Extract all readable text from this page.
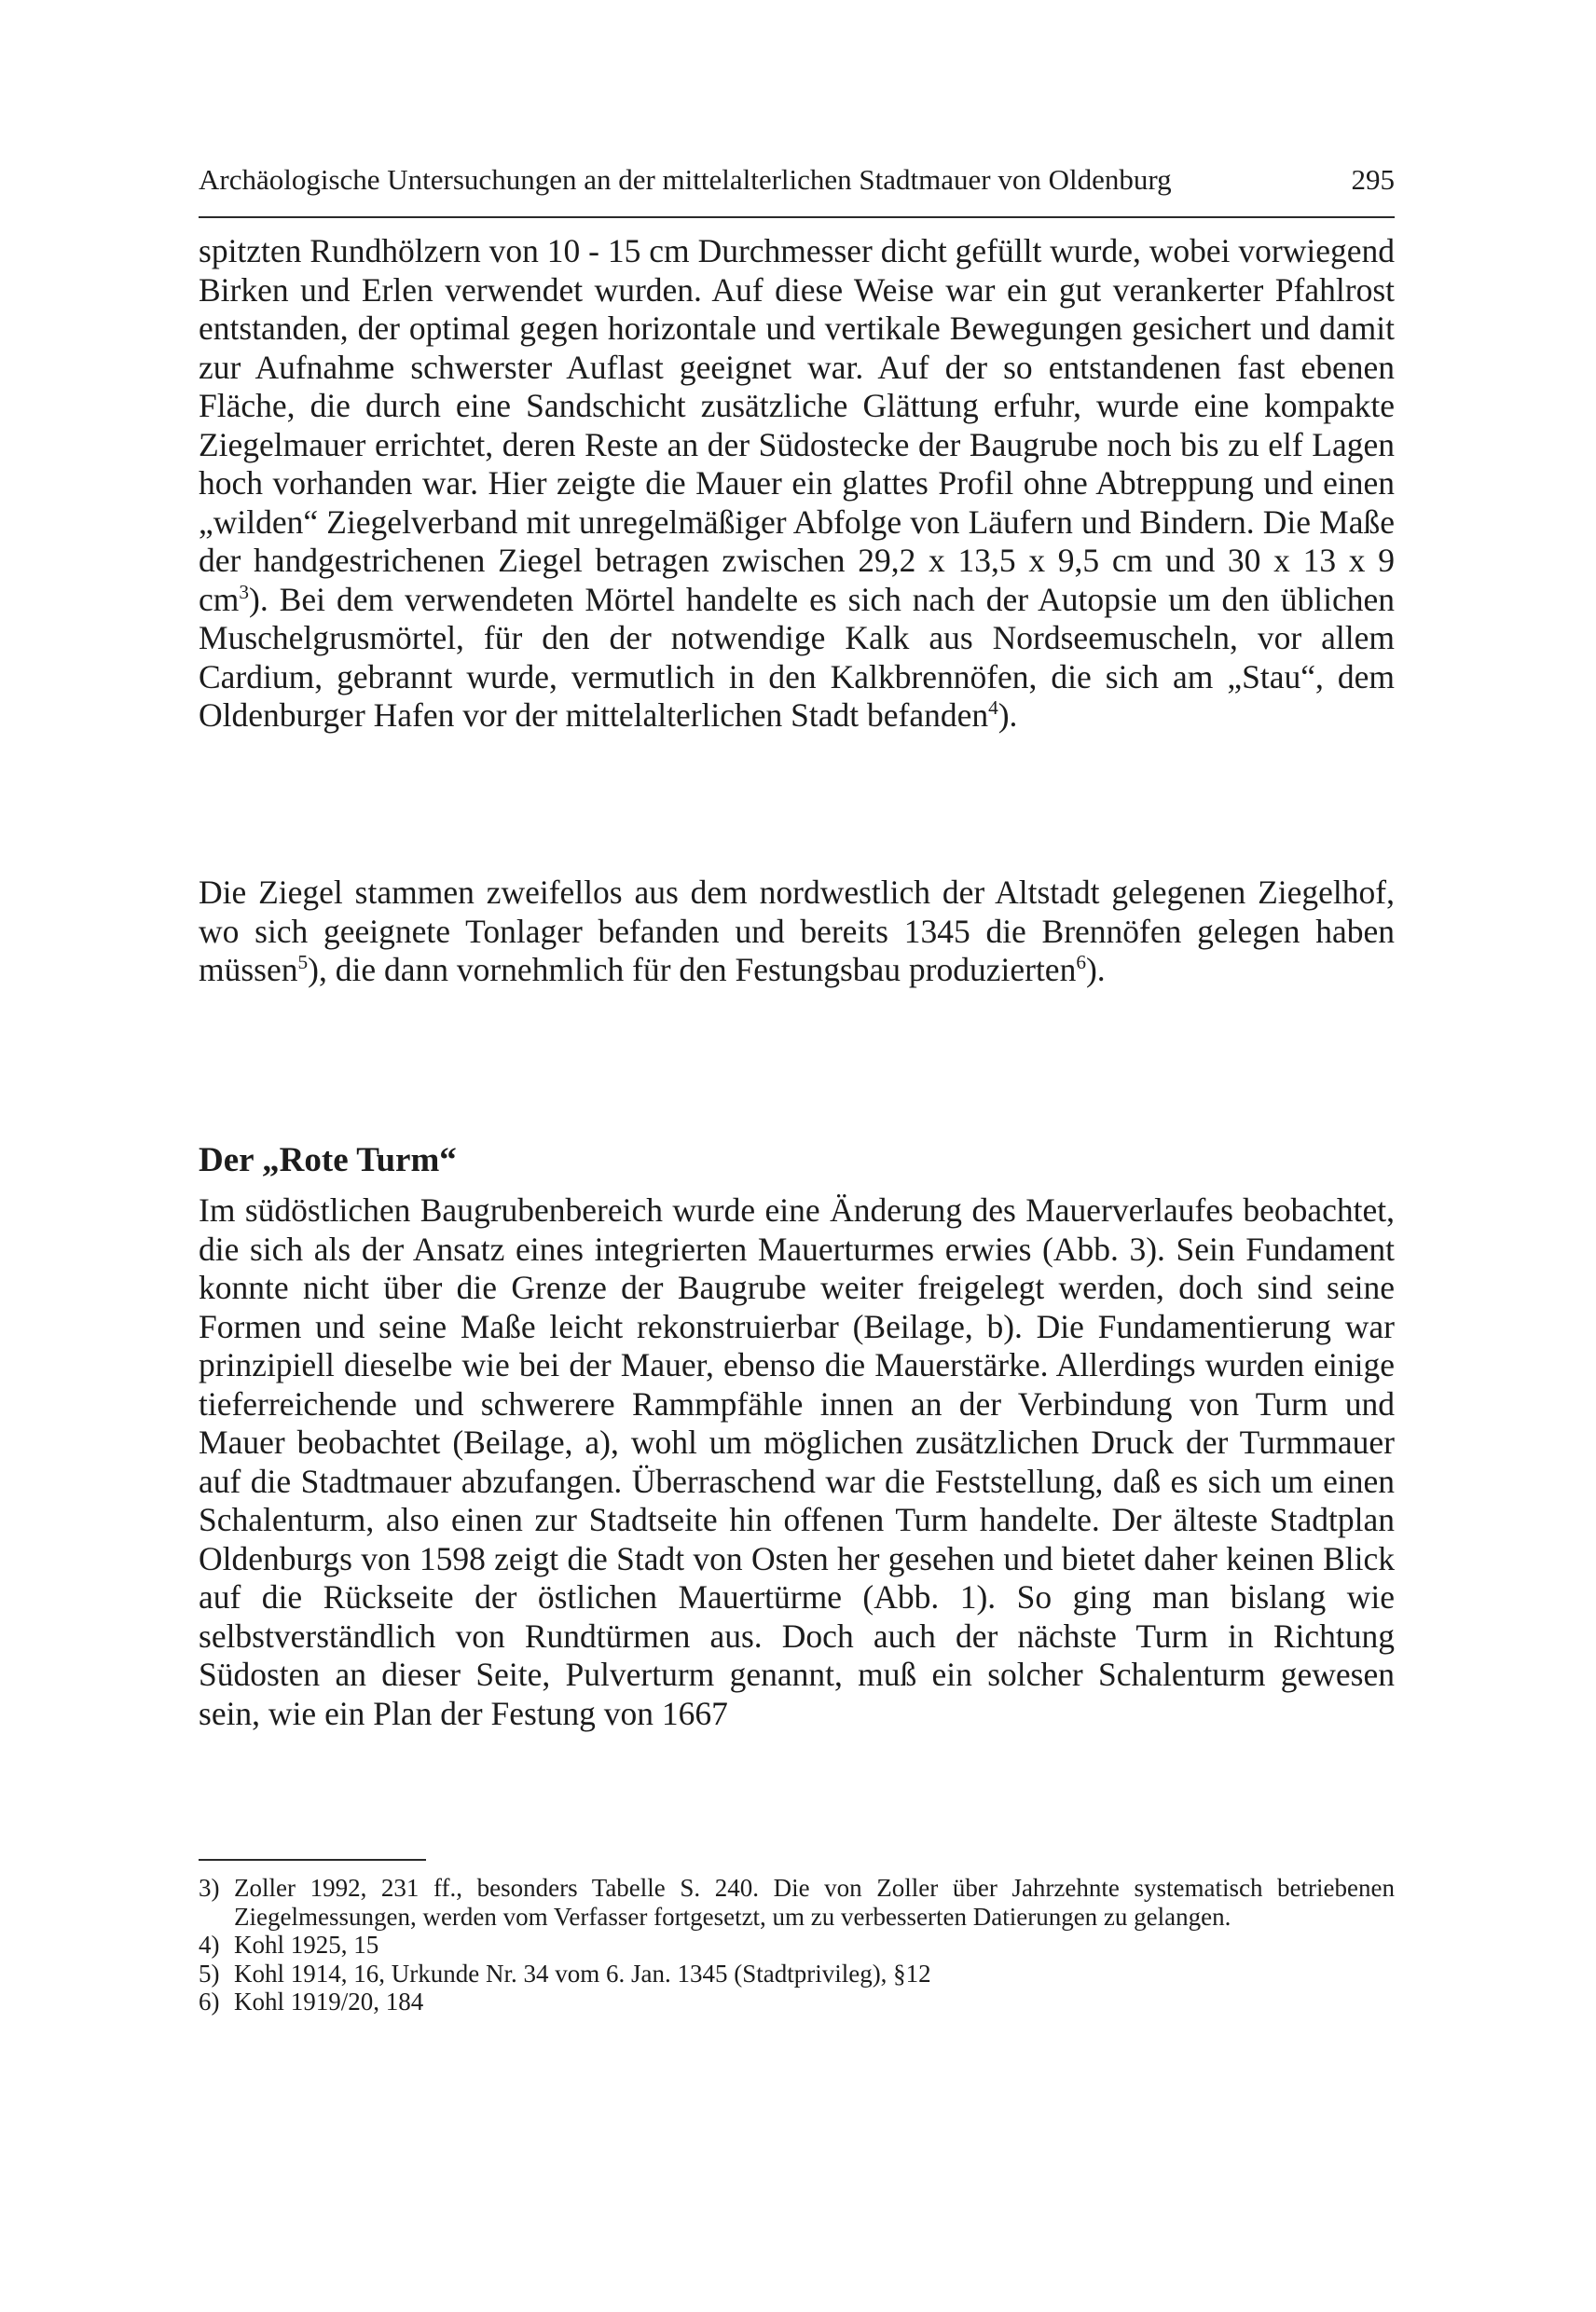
Archäologische Untersuchungen an der mittelalterlichen Stadtmauer von Oldenburg	295

spitzten Rundhölzern von 10 - 15 cm Durchmesser dicht gefüllt wurde, wobei vorwiegend Birken und Erlen verwendet wurden. Auf diese Weise war ein gut verankerter Pfahlrost entstanden, der optimal gegen horizontale und vertikale Bewegungen gesichert und damit zur Aufnahme schwerster Auflast geeignet war. Auf der so entstandenen fast ebenen Fläche, die durch eine Sandschicht zusätzliche Glättung erfuhr, wurde eine kompakte Ziegelmauer errichtet, deren Reste an der Südostecke der Baugrube noch bis zu elf Lagen hoch vorhanden war. Hier zeigte die Mauer ein glattes Profil ohne Abtreppung und einen „wilden“ Ziegelverband mit unregelmäßiger Abfolge von Läufern und Bindern. Die Maße der handgestrichenen Ziegel betragen zwischen 29,2 x 13,5 x 9,5 cm und 30 x 13 x 9 $cm^3$). Bei dem verwendeten Mörtel handelte es sich nach der Autopsie um den üblichen Muschelgrusmörtel, für den der notwendige Kalk aus Nordseemuscheln, vor allem Cardium, gebrannt wurde, vermutlich in den Kalkbrennöfen, die sich am „Stau“, dem Oldenburger Hafen vor der mittelalterlichen Stadt befanden$^4$).

Die Ziegel stammen zweifellos aus dem nordwestlich der Altstadt gelegenen Ziegelhof, wo sich geeignete Tonlager befanden und bereits 1345 die Brennöfen gelegen haben müssen$^5$), die dann vornehmlich für den Festungsbau produzierten$^6$).

Der „Rote Turm“

Im südöstlichen Baugrubenbereich wurde eine Änderung des Mauerverlaufes beobachtet, die sich als der Ansatz eines integrierten Mauerturmes erwies (Abb. 3). Sein Fundament konnte nicht über die Grenze der Baugrube weiter freigelegt werden, doch sind seine Formen und seine Maße leicht rekonstruierbar (Beilage, b). Die Fundamentierung war prinzipiell dieselbe wie bei der Mauer, ebenso die Mauerstärke. Allerdings wurden einige tieferreichende und schwerere Rammpfähle innen an der Verbindung von Turm und Mauer beobachtet (Beilage, a), wohl um möglichen zusätzlichen Druck der Turmmauer auf die Stadtmauer abzufangen. Überraschend war die Feststellung, daß es sich um einen Schalenturm, also einen zur Stadtseite hin offenen Turm handelte. Der älteste Stadtplan Oldenburgs von 1598 zeigt die Stadt von Osten her gesehen und bietet daher keinen Blick auf die Rückseite der östlichen Mauertürme (Abb. 1). So ging man bislang wie selbstverständlich von Rundtürmen aus. Doch auch der nächste Turm in Richtung Südosten an dieser Seite, Pulverturm genannt, muß ein solcher Schalenturm gewesen sein, wie ein Plan der Festung von 1667

3) Zoller 1992, 231 ff., besonders Tabelle S. 240. Die von Zoller über Jahrzehnte systematisch betriebenen Ziegelmessungen, werden vom Verfasser fortgesetzt, um zu verbesserten Datierungen zu gelangen.
4) Kohl 1925, 15
5) Kohl 1914, 16, Urkunde Nr. 34 vom 6. Jan. 1345 (Stadtprivileg), §12
6) Kohl 1919/20, 184
